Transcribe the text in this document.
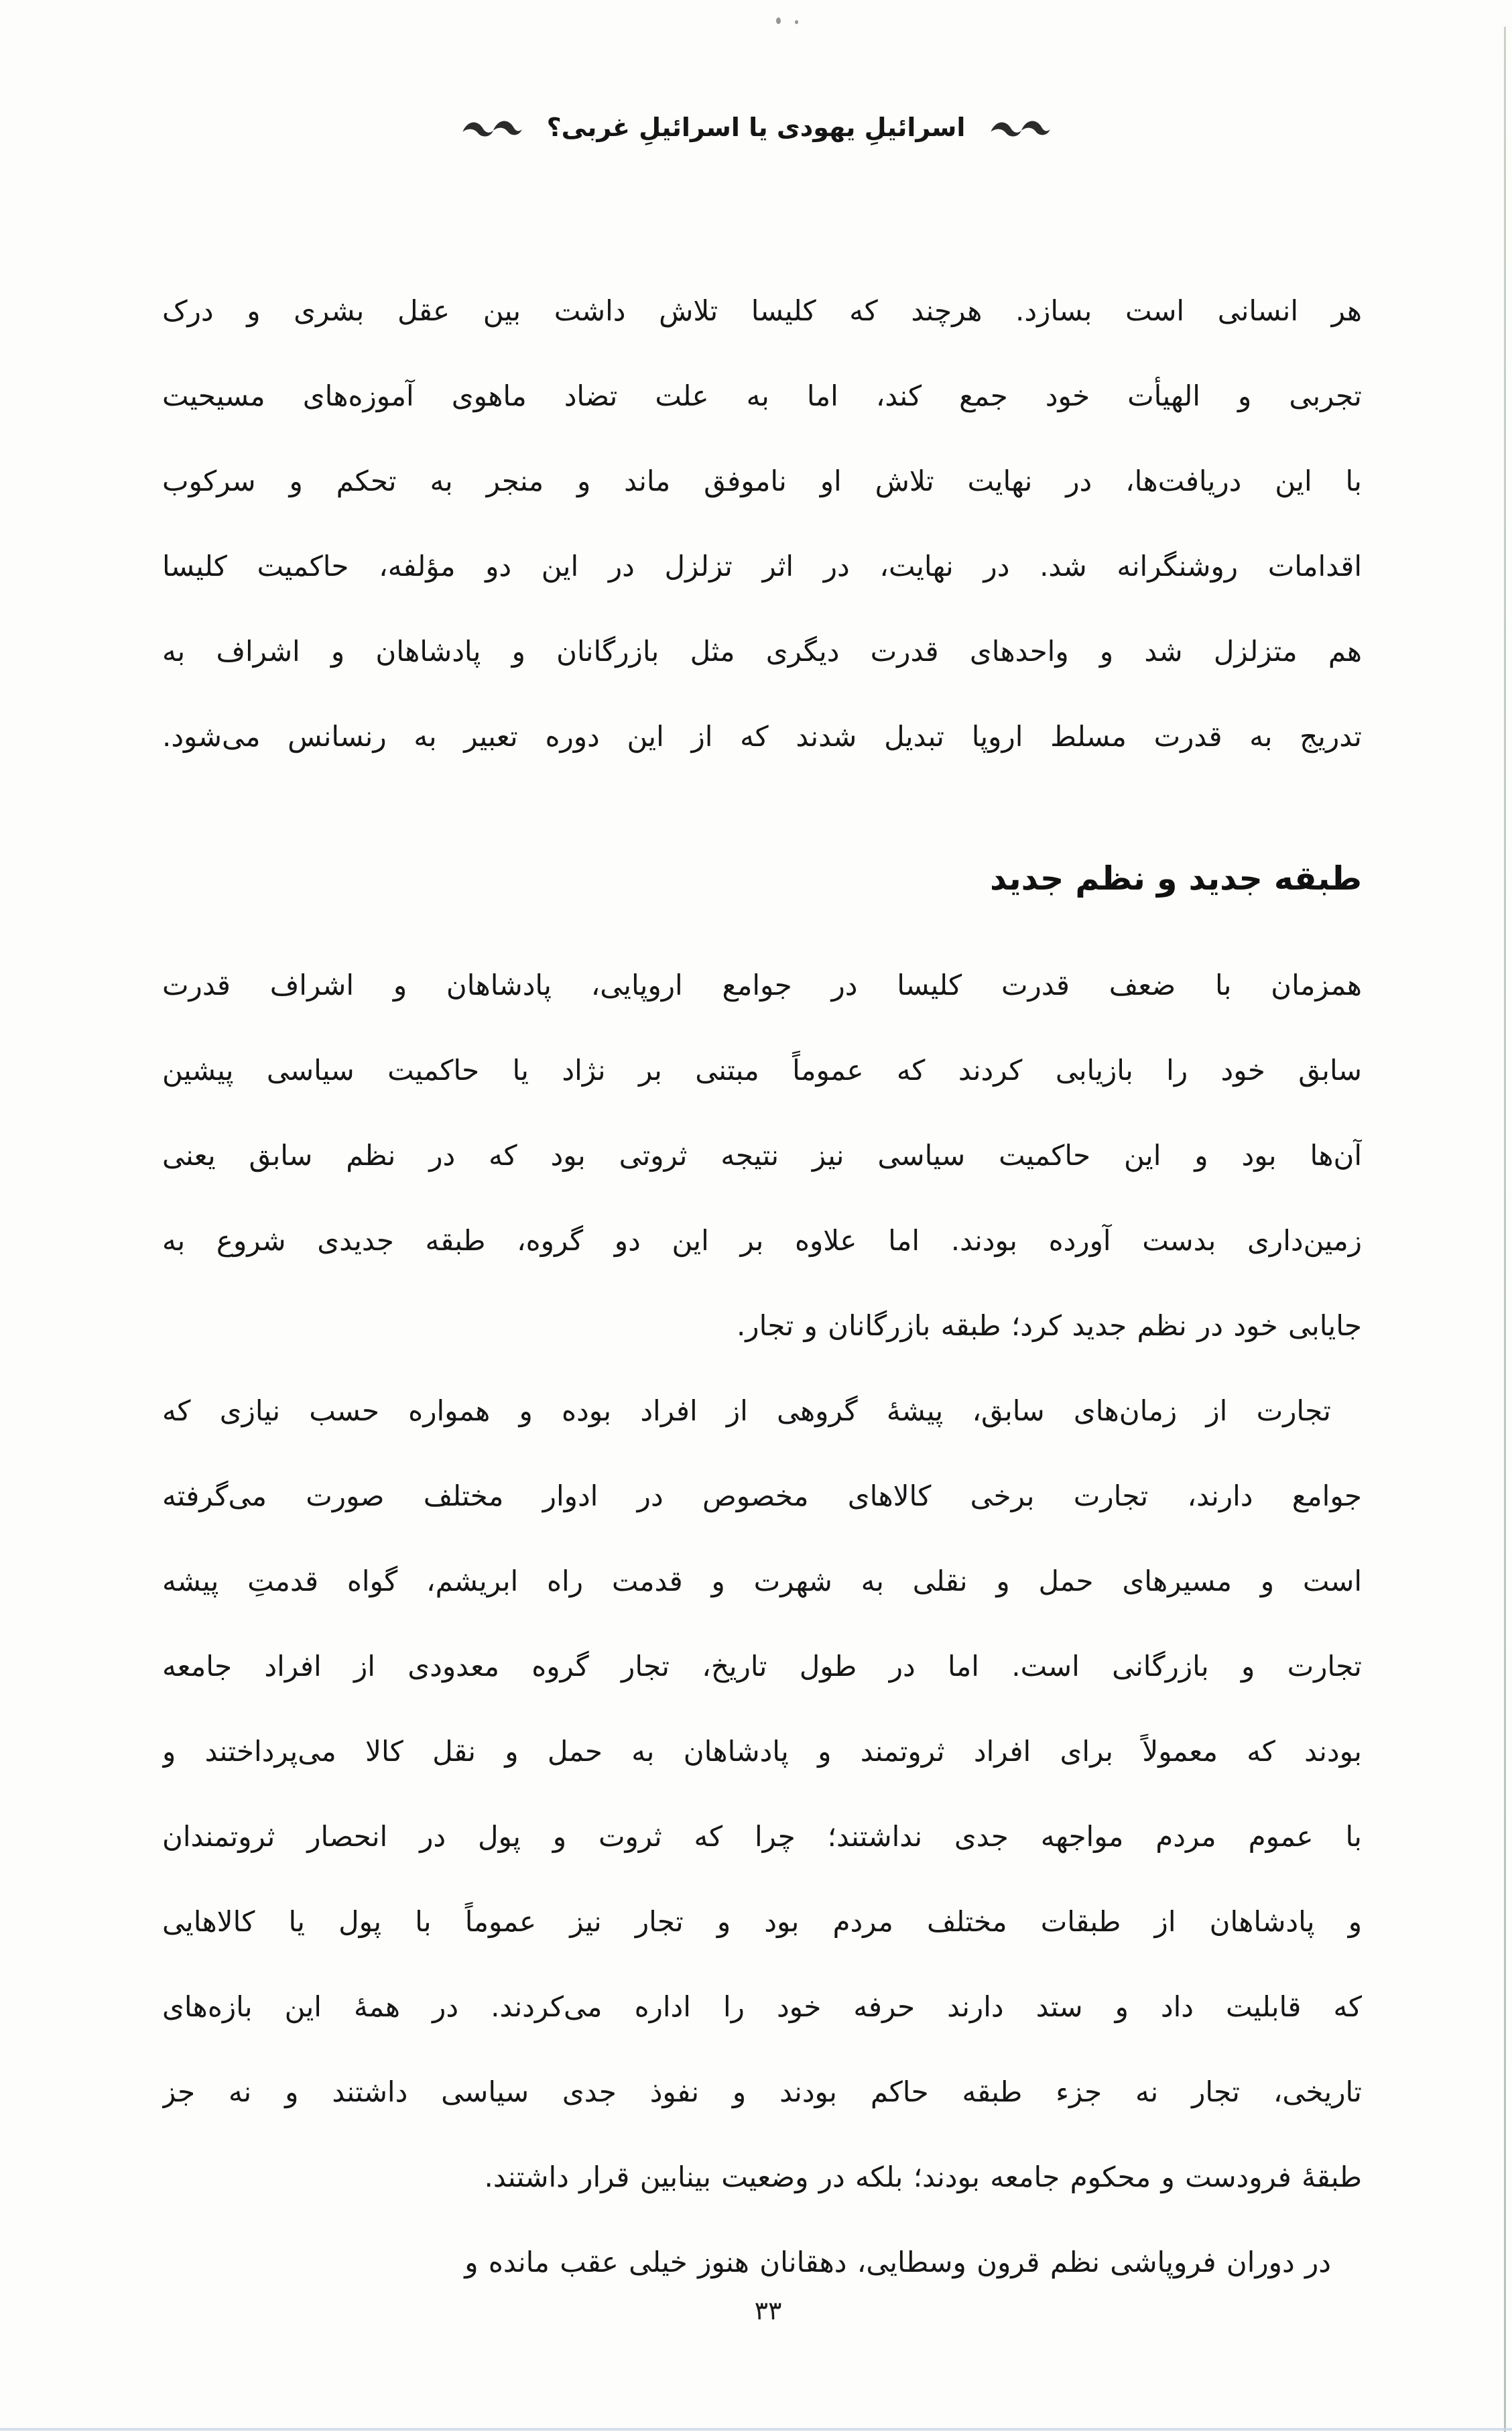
اسرائیلِ یهودی یا اسرائیلِ غربی؟
هر انسانی است بسازد. هرچند که کلیسا تلاش داشت بین عقل بشری و درک
تجربی و الهیأت خود جمع کند، اما به علت تضاد ماهوی آموزه‌های مسیحیت
با این دریافت‌ها، در نهایت تلاش او ناموفق ماند و منجر به تحکم و سرکوب
اقدامات روشنگرانه شد. در نهایت، در اثر تزلزل در این دو مؤلفه، حاکمیت کلیسا
هم متزلزل شد و واحدهای قدرت دیگری مثل بازرگانان و پادشاهان و اشراف به
تدریج به قدرت مسلط اروپا تبدیل شدند که از این دوره تعبیر به رنسانس می‌شود.
طبقه جدید و نظم جدید
همزمان با ضعف قدرت کلیسا در جوامع اروپایی، پادشاهان و اشراف قدرت
سابق خود را بازیابی کردند که عموماً مبتنی بر نژاد یا حاکمیت سیاسی پیشین
آن‌ها بود و این حاکمیت سیاسی نیز نتیجه ثروتی بود که در نظم سابق یعنی
زمین‌داری بدست آورده بودند. اما علاوه بر این دو گروه، طبقه جدیدی شروع به
جایابی خود در نظم جدید کرد؛ طبقه بازرگانان و تجار.
تجارت از زمان‌های سابق، پیشهٔ گروهی از افراد بوده و همواره حسب نیازی که
جوامع دارند، تجارت برخی کالاهای مخصوص در ادوار مختلف صورت می‌گرفته
است و مسیرهای حمل و نقلی به شهرت و قدمت راه ابریشم، گواه قدمتِ پیشه
تجارت و بازرگانی است. اما در طول تاریخ، تجار گروه معدودی از افراد جامعه
بودند که معمولاً برای افراد ثروتمند و پادشاهان به حمل و نقل کالا می‌پرداختند و
با عموم مردم مواجهه جدی نداشتند؛ چرا که ثروت و پول در انحصار ثروتمندان
و پادشاهان از طبقات مختلف مردم بود و تجار نیز عموماً با پول یا کالاهایی
که قابلیت داد و ستد دارند حرفه خود را اداره می‌کردند. در همهٔ این بازه‌های
تاریخی، تجار نه جزء طبقه حاکم بودند و نفوذ جدی سیاسی داشتند و نه جز
طبقهٔ فرودست و محکوم جامعه بودند؛ بلکه در وضعیت بینابین قرار داشتند.
در دوران فروپاشی نظم قرون وسطایی، دهقانان هنوز خیلی عقب مانده و
۳۳
